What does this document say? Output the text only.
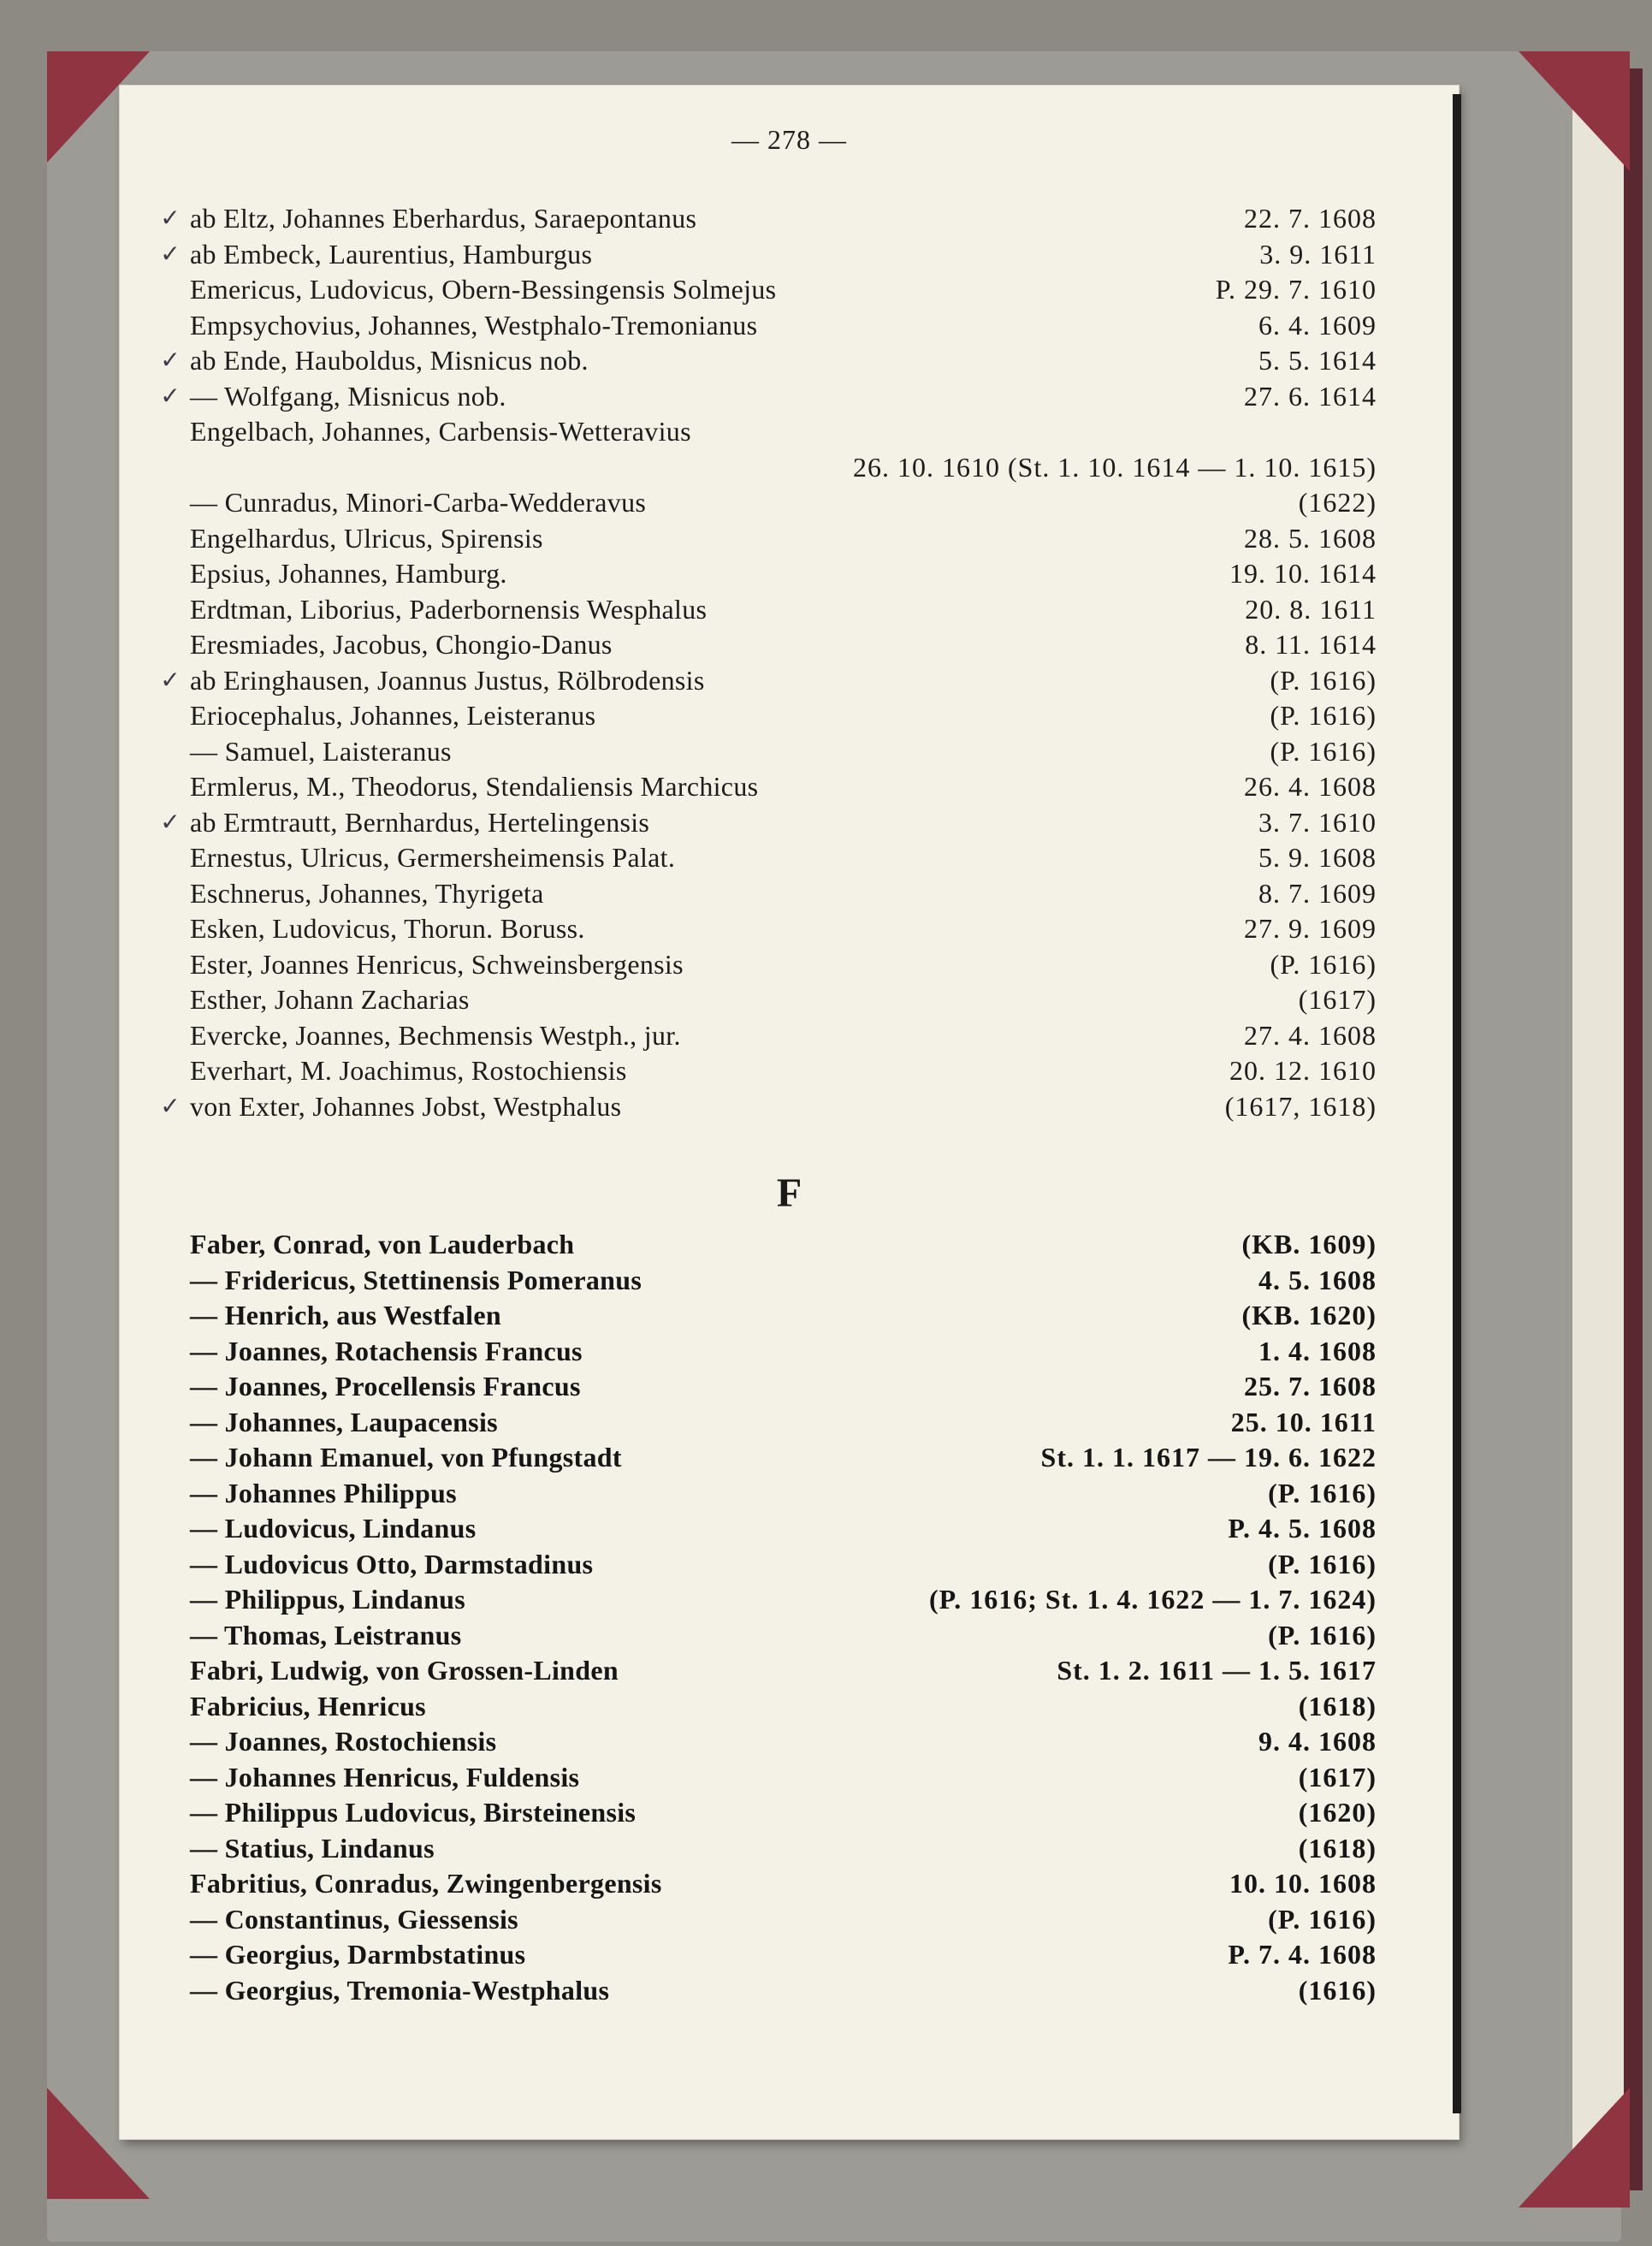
— 278 —
F
✓ ab Eltz, Johannes Eberhardus, Saraepontanus	22. 7. 1608
✓ ab Embeck, Laurentius, Hamburgus	3. 9. 1611
Emericus, Ludovicus, Obern-Bessingensis Solmejus	P. 29. 7. 1610
Empsychovius, Johannes, Westphalo-Tremonianus	6. 4. 1609
✓ ab Ende, Hauboldus, Misnicus nob.	5. 5. 1614
✓ — Wolfgang, Misnicus nob.	27. 6. 1614
Engelbach, Johannes, Carbensis-Wetteravius
26. 10. 1610 (St. 1. 10. 1614 — 1. 10. 1615)
— Cunradus, Minori-Carba-Wedderavus	(1622)
Engelhardus, Ulricus, Spirensis	28. 5. 1608
Epsius, Johannes, Hamburg.	19. 10. 1614
Erdtman, Liborius, Paderbornensis Wesphalus	20. 8. 1611
Eresmiades, Jacobus, Chongio-Danus	8. 11. 1614
✓ ab Eringhausen, Joannus Justus, Rölbrodensis	(P. 1616)
Eriocephalus, Johannes, Leisteranus	(P. 1616)
— Samuel, Laisteranus	(P. 1616)
Ermlerus, M., Theodorus, Stendaliensis Marchicus	26. 4. 1608
✓ ab Ermtrautt, Bernhardus, Hertelingensis	3. 7. 1610
Ernestus, Ulricus, Germersheimensis Palat.	5. 9. 1608
Eschnerus, Johannes, Thyrigeta	8. 7. 1609
Esken, Ludovicus, Thorun. Boruss.	27. 9. 1609
Ester, Joannes Henricus, Schweinsbergensis	(P. 1616)
Esther, Johann Zacharias	(1617)
Evercke, Joannes, Bechmensis Westph., jur.	27. 4. 1608
Everhart, M. Joachimus, Rostochiensis	20. 12. 1610
✓ von Exter, Johannes Jobst, Westphalus	(1617, 1618)
Faber, Conrad, von Lauderbach	(KB. 1609)
— Fridericus, Stettinensis Pomeranus	4. 5. 1608
— Henrich, aus Westfalen	(KB. 1620)
— Joannes, Rotachensis Francus	1. 4. 1608
— Joannes, Procellensis Francus	25. 7. 1608
— Johannes, Laupacensis	25. 10. 1611
— Johann Emanuel, von Pfungstadt	St. 1. 1. 1617 — 19. 6. 1622
— Johannes Philippus	(P. 1616)
— Ludovicus, Lindanus	P. 4. 5. 1608
— Ludovicus Otto, Darmstadinus	(P. 1616)
— Philippus, Lindanus	(P. 1616; St. 1. 4. 1622 — 1. 7. 1624)
— Thomas, Leistranus	(P. 1616)
Fabri, Ludwig, von Grossen-Linden	St. 1. 2. 1611 — 1. 5. 1617
Fabricius, Henricus	(1618)
— Joannes, Rostochiensis	9. 4. 1608
— Johannes Henricus, Fuldensis	(1617)
— Philippus Ludovicus, Birsteinensis	(1620)
— Statius, Lindanus	(1618)
Fabritius, Conradus, Zwingenbergensis	10. 10. 1608
— Constantinus, Giessensis	(P. 1616)
— Georgius, Darmbstatinus	P. 7. 4. 1608
— Georgius, Tremonia-Westphalus	(1616)
